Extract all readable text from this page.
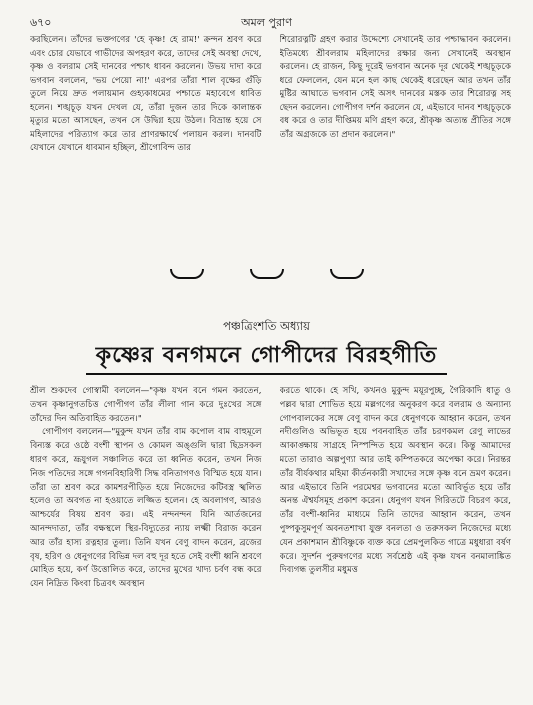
৬৭০	অমল পুরাণ

করছিলেন। তাঁদের ভক্তগণের 'হে কৃষ্ণ! হে রাম!' ক্রন্দন শ্রবণ করে এবং চোর যেভাবে গাভীদের অপহরণ করে, তাদের সেই অবস্থা দেখে, কৃষ্ণ ও বলরাম সেই দানবের পশ্চাৎ ধাবন করলেন। উভয় দাদা করে ভগবান বললেন, 'ভয় পেয়ো না!' এরপর তাঁরা শাল বৃক্ষের গুঁড়ি তুলে নিয়ে দ্রুত পলায়মান গুহ্যকাধমের পশ্চাতে মহাবেগে ধাবিত হলেন। শঙ্খচূড় যখন দেখল যে, তাঁরা দুজন তার দিকে কালান্তক মৃত্যুর মতো আসছেন, তখন সে উদ্বিগ্ন হয়ে উঠল। বিভ্রান্ত হয়ে সে মহিলাদের পরিত্যাগ করে তার প্রাণরক্ষার্থে পলায়ন করল। দানবটি যেখানে যেখানে ধাবমান হচ্ছিল, শ্রীগোবিন্দ তার

শিরোরত্নটি গ্রহণ করার উদ্দেশ্যে সেখানেই তার পশ্চাদ্ধাবন করলেন। ইতিমধ্যে শ্রীবলরাম মহিলাদের রক্ষার জন্য সেখানেই অবস্থান করলেন। হে রাজন, কিছু দূরেই ভগবান অনেক দূর থেকেই শঙ্খচূড়কে ধরে ফেললেন, যেন মনে হল কাছ থেকেই ধরেছেন আর তখন তাঁর মুষ্টির আঘাতে ভগবান সেই অসৎ দানবের মস্তক তার শিরোরত্ন সহ ছেদন করলেন। গোপীগণ দর্শন করলেন যে, এইভাবে দানব শঙ্খচূড়কে বধ করে ও তার দীপ্তিময় মণি গ্রহণ করে, শ্রীকৃষ্ণ অত্যন্ত প্রীতির সঙ্গে তাঁর অগ্রজকে তা প্রদান করলেন।"

পঞ্চত্রিংশতি অধ্যায়
কৃষ্ণের বনগমনে গোপীদের বিরহগীতি

শ্রীল শুকদেব গোস্বামী বললেন—"কৃষ্ণ যখন বনে গমন করতেন, তখন কৃষ্ণানুগতচিত্ত গোপীগণ তাঁর লীলা গান করে দুঃখের সঙ্গে তাঁদের দিন অতিবাহিত করতেন।"

গোপীগণ বললেন—"মুকুন্দ যখন তাঁর বাম কপোল বাম বাহুমূলে বিন্যস্ত করে ওষ্ঠে বংশী স্থাপন ও কোমল অঙ্গুলি দ্বারা ছিদ্রসকল ধারণ করে, ভ্রূযুগল সঞ্চালিত করে তা ধ্বনিত করেন, তখন নিজ নিজ পতিদের সঙ্গে গগনবিহারিণী সিদ্ধ বনিতাগণও বিস্মিত হয়ে যান। তাঁরা তা শ্রবণ করে কামশরপীড়িত হয়ে নিজেদের কটিবস্ত্র স্খলিত হলেও তা অবগত না হওয়াতে লজ্জিত হলেন। হে অবলাগণ, আরও আশ্চর্যের বিষয় শ্রবণ কর। এই নন্দনন্দন যিনি আর্তজনের আনন্দদাতা, তাঁর বক্ষস্থলে স্থির-বিদ্যুতের ন্যায় লক্ষ্মী বিরাজ করেন আর তাঁর হাস্য রত্নহার তুল্য। তিনি যখন বেণু বাদন করেন, ব্রজের বৃষ, হরিণ ও ধেনুগণের বিভিন্ন দল বহু দূর হতে সেই বংশী ধ্বনি শ্রবণে মোহিত হয়ে, কর্ণ উত্তোলিত করে, তাদের মুখের খাদ্য চর্বণ বন্ধ করে যেন নিদ্রিত কিংবা চিত্রবৎ অবস্থান

করতে থাকে। হে সখি, কখনও মুকুন্দ ময়ূরপুচ্ছ, গৈরিকাদি ধাতু ও পল্লব দ্বারা শোভিত হয়ে মল্লগণের অনুকরণ করে বলরাম ও অন্যান্য গোপবালকের সঙ্গে বেণু বাদন করে ধেনুগণকে আহ্বান করেন, তখন নদীগুলিও অভিভূত হয়ে পবনবাহিত তাঁর চরণকমল রেণু লাভের আকাঙ্ক্ষায় সাগ্রহে নিস্পন্দিত হয়ে অবস্থান করে। কিন্তু আমাদের মতো তারাও অল্পপুণ্যা আর তাই কম্পিতকরে অপেক্ষা করে। নিরন্তর তাঁর বীর্যকথার মহিমা কীর্তনকারী সখাদের সঙ্গে কৃষ্ণ বনে ভ্রমণ করেন। আর এইভাবে তিনি পরমেশ্বর ভগবানের মতো আবির্ভূত হয়ে তাঁর অনন্ত ঐশ্বর্যসমূহ প্রকাশ করেন। ধেনুগণ যখন গিরিতটে বিচরণ করে, তাঁর বংশী-ধ্বনির মাধ্যমে তিনি তাদের আহ্বান করেন, তখন পুষ্পকুসুমপূর্ণ অবনতশাখা যুক্ত বনলতা ও তরুসকল নিজেদের মধ্যে যেন প্রকাশমান শ্রীবিষ্ণুকে ব্যক্ত করে প্রেমপুলকিত গাত্রে মধুধারা বর্ষণ করে। সুদর্শন পুরুষগণের মধ্যে সর্বশ্রেষ্ঠ এই কৃষ্ণ যখন বনমালাঙ্কিত দিব্যগন্ধ তুলসীর মধুমত্ত
